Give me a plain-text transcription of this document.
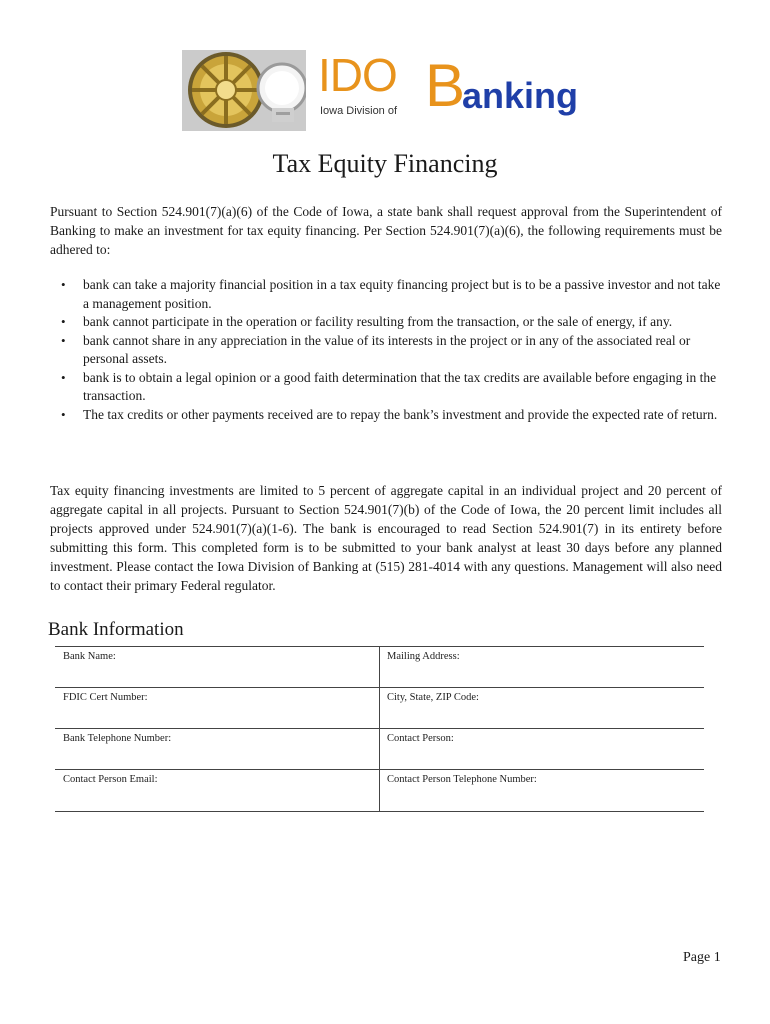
IDO B
anking
Iowa Division of
Tax Equity Financing

Pursuant to Section 524.901(7)(a)(6) of the Code of Iowa, a state bank shall request approval from the Superintendent of Banking to make an investment for tax equity financing. Per Section 524.901(7)(a)(6), the following requirements must be adhered to:

• bank can take a majority financial position in a tax equity financing project but is to be a passive investor and not take a management position.
• bank cannot participate in the operation or facility resulting from the transaction, or the sale of energy, if any.
• bank cannot share in any appreciation in the value of its interests in the project or in any of the associated real or personal assets.
• bank is to obtain a legal opinion or a good faith determination that the tax credits are available before engaging in the transaction.
• The tax credits or other payments received are to repay the bank’s investment and provide the expected rate of return.

Tax equity financing investments are limited to 5 percent of aggregate capital in an individual project and 20 percent of aggregate capital in all projects. Pursuant to Section 524.901(7)(b) of the Code of Iowa, the 20 percent limit includes all projects approved under 524.901(7)(a)(1-6). The bank is encouraged to read Section 524.901(7) in its entirety before submitting this form. This completed form is to be submitted to your bank analyst at least 30 days before any planned investment. Please contact the Iowa Division of Banking at (515) 281-4014 with any questions. Management will also need to contact their primary Federal regulator.

Bank Information
Bank Name:	Mailing Address:
FDIC Cert Number:	City, State, ZIP Code:
Bank Telephone Number:	Contact Person:
Contact Person Email:	Contact Person Telephone Number:
Page 1
